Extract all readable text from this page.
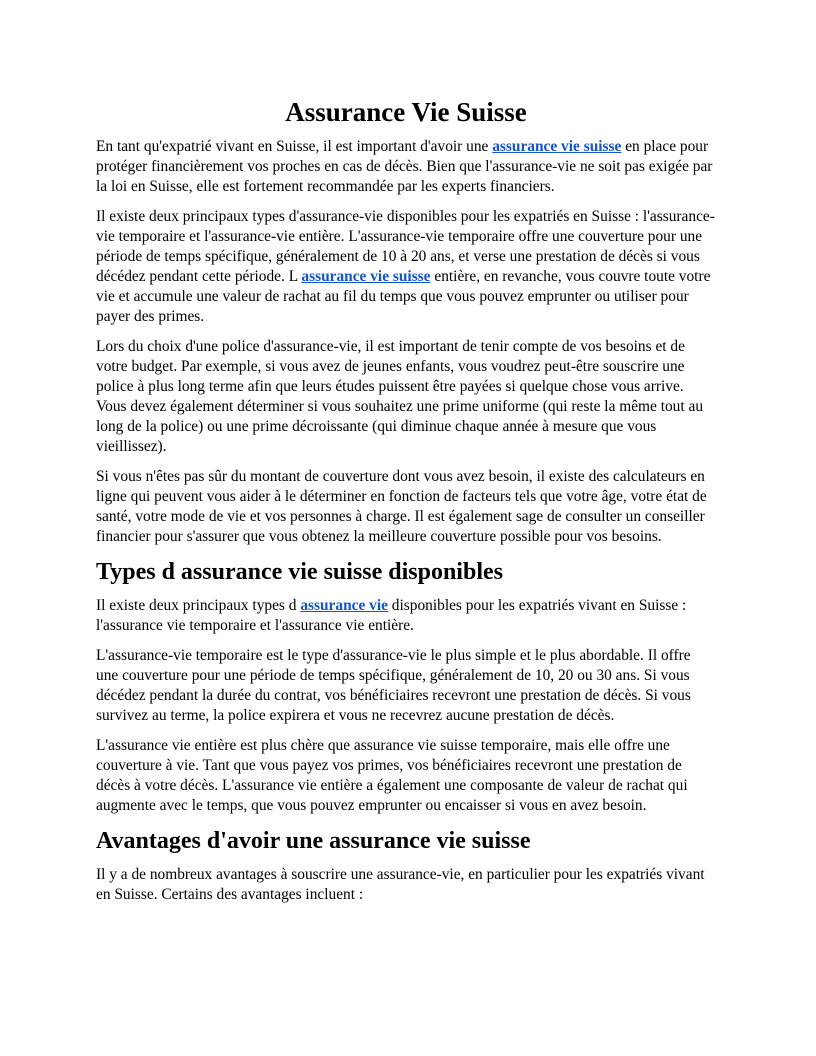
Assurance Vie Suisse

En tant qu'expatrié vivant en Suisse, il est important d'avoir une assurance vie suisse en place pour protéger financièrement vos proches en cas de décès. Bien que l'assurance-vie ne soit pas exigée par la loi en Suisse, elle est fortement recommandée par les experts financiers.

Il existe deux principaux types d'assurance-vie disponibles pour les expatriés en Suisse : l'assurance-vie temporaire et l'assurance-vie entière. L'assurance-vie temporaire offre une couverture pour une période de temps spécifique, généralement de 10 à 20 ans, et verse une prestation de décès si vous décédez pendant cette période. L assurance vie suisse entière, en revanche, vous couvre toute votre vie et accumule une valeur de rachat au fil du temps que vous pouvez emprunter ou utiliser pour payer des primes.

Lors du choix d'une police d'assurance-vie, il est important de tenir compte de vos besoins et de votre budget. Par exemple, si vous avez de jeunes enfants, vous voudrez peut-être souscrire une police à plus long terme afin que leurs études puissent être payées si quelque chose vous arrive. Vous devez également déterminer si vous souhaitez une prime uniforme (qui reste la même tout au long de la police) ou une prime décroissante (qui diminue chaque année à mesure que vous vieillissez).

Si vous n'êtes pas sûr du montant de couverture dont vous avez besoin, il existe des calculateurs en ligne qui peuvent vous aider à le déterminer en fonction de facteurs tels que votre âge, votre état de santé, votre mode de vie et vos personnes à charge. Il est également sage de consulter un conseiller financier pour s'assurer que vous obtenez la meilleure couverture possible pour vos besoins.

Types d assurance vie suisse disponibles

Il existe deux principaux types d assurance vie disponibles pour les expatriés vivant en Suisse : l'assurance vie temporaire et l'assurance vie entière.

L'assurance-vie temporaire est le type d'assurance-vie le plus simple et le plus abordable. Il offre une couverture pour une période de temps spécifique, généralement de 10, 20 ou 30 ans. Si vous décédez pendant la durée du contrat, vos bénéficiaires recevront une prestation de décès. Si vous survivez au terme, la police expirera et vous ne recevrez aucune prestation de décès.

L'assurance vie entière est plus chère que assurance vie suisse temporaire, mais elle offre une couverture à vie. Tant que vous payez vos primes, vos bénéficiaires recevront une prestation de décès à votre décès. L'assurance vie entière a également une composante de valeur de rachat qui augmente avec le temps, que vous pouvez emprunter ou encaisser si vous en avez besoin.

Avantages d'avoir une assurance vie suisse

Il y a de nombreux avantages à souscrire une assurance-vie, en particulier pour les expatriés vivant en Suisse. Certains des avantages incluent :
